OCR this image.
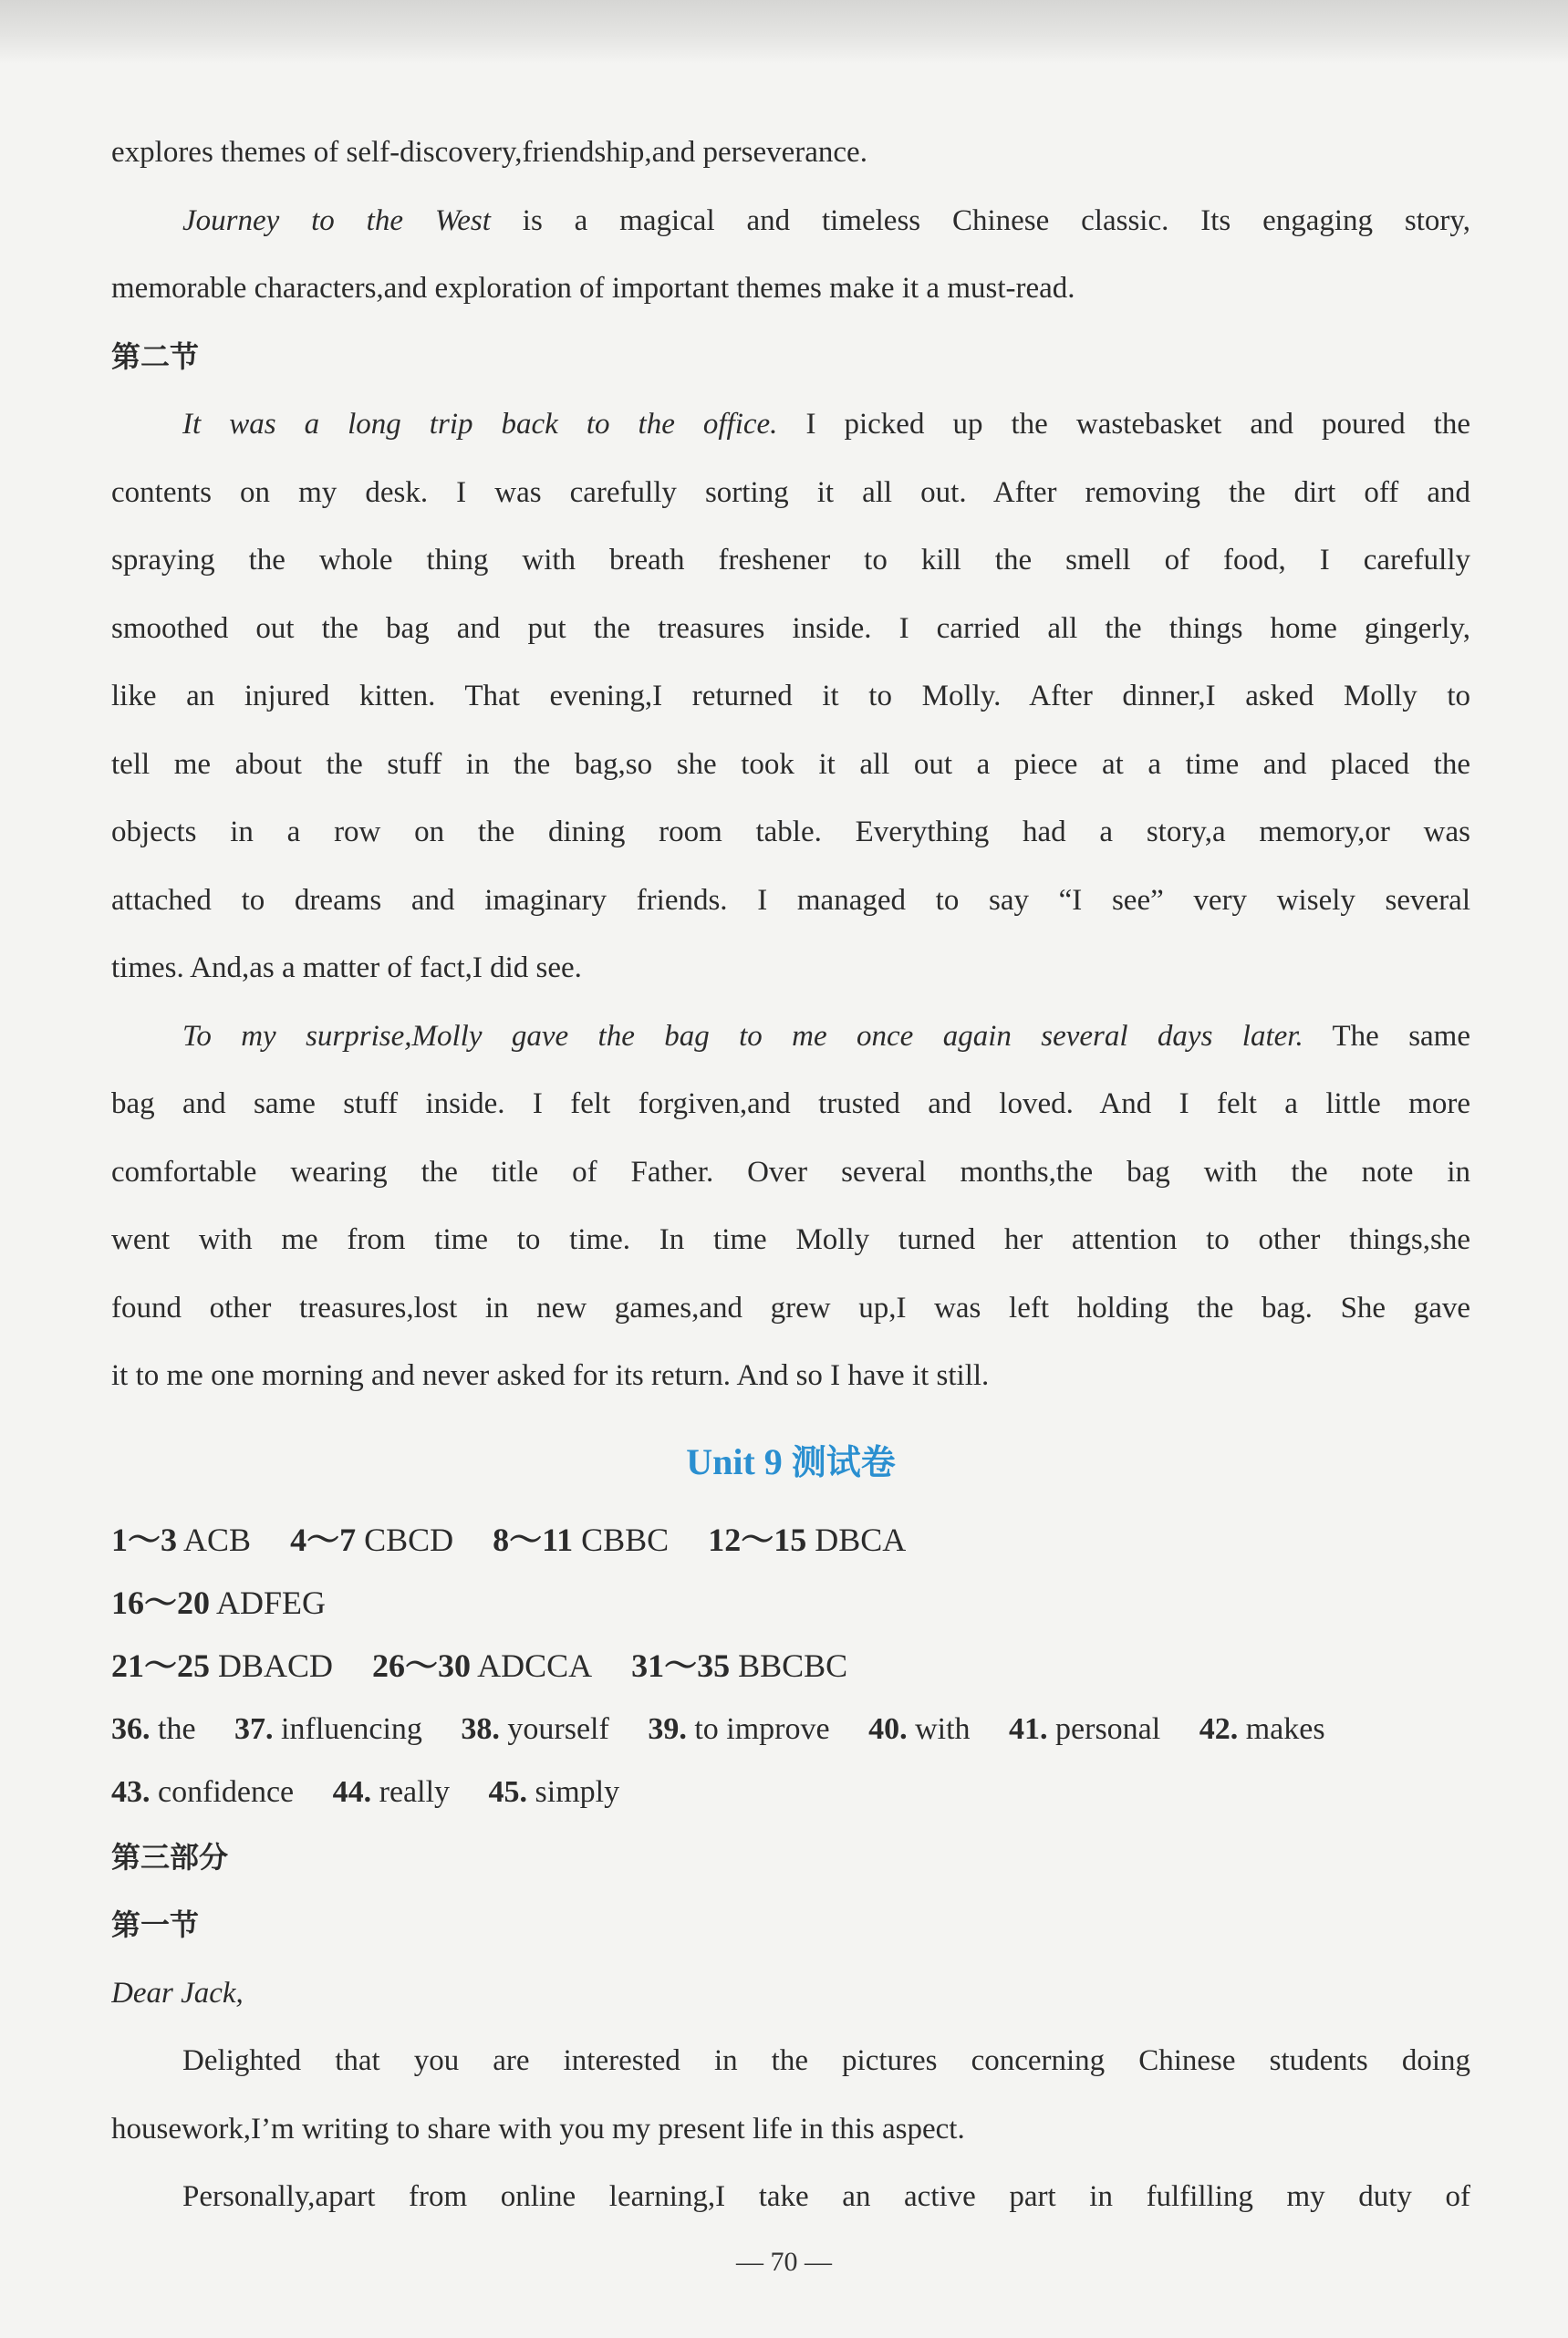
explores themes of self-discovery,friendship,and perseverance.

Journey to the West is a magical and timeless Chinese classic. Its engaging story,

memorable characters,and exploration of important themes make it a must-read.

第二节

It was a long trip back to the office. I picked up the wastebasket and poured the

contents on my desk. I was carefully sorting it all out. After removing the dirt off and

spraying the whole thing with breath freshener to kill the smell of food, I carefully

smoothed out the bag and put the treasures inside. I carried all the things home gingerly,

like an injured kitten. That evening,I returned it to Molly. After dinner,I asked Molly to

tell me about the stuff in the bag,so she took it all out a piece at a time and placed the

objects in a row on the dining room table. Everything had a story,a memory,or was

attached to dreams and imaginary friends. I managed to say “I see” very wisely several

times. And,as a matter of fact,I did see.

To my surprise,Molly gave the bag to me once again several days later. The same

bag and same stuff inside. I felt forgiven,and trusted and loved. And I felt a little more

comfortable wearing the title of Father. Over several months,the bag with the note in

went with me from time to time. In time Molly turned her attention to other things,she

found other treasures,lost in new games,and grew up,I was left holding the bag. She gave

it to me one morning and never asked for its return. And so I have it still.

Unit 9 测试卷

1～3 ACB 4～7 CBCD 8～11 CBBC 12～15 DBCA

16～20 ADFEG

21～25 DBACD 26～30 ADCCA 31～35 BBCBC

36. the 37. influencing 38. yourself 39. to improve 40. with 41. personal 42. makes

43. confidence 44. really 45. simply

第三部分

第一节

Dear Jack,

Delighted that you are interested in the pictures concerning Chinese students doing

housework,I’m writing to share with you my present life in this aspect.

Personally,apart from online learning,I take an active part in fulfilling my duty of

— 70 —
